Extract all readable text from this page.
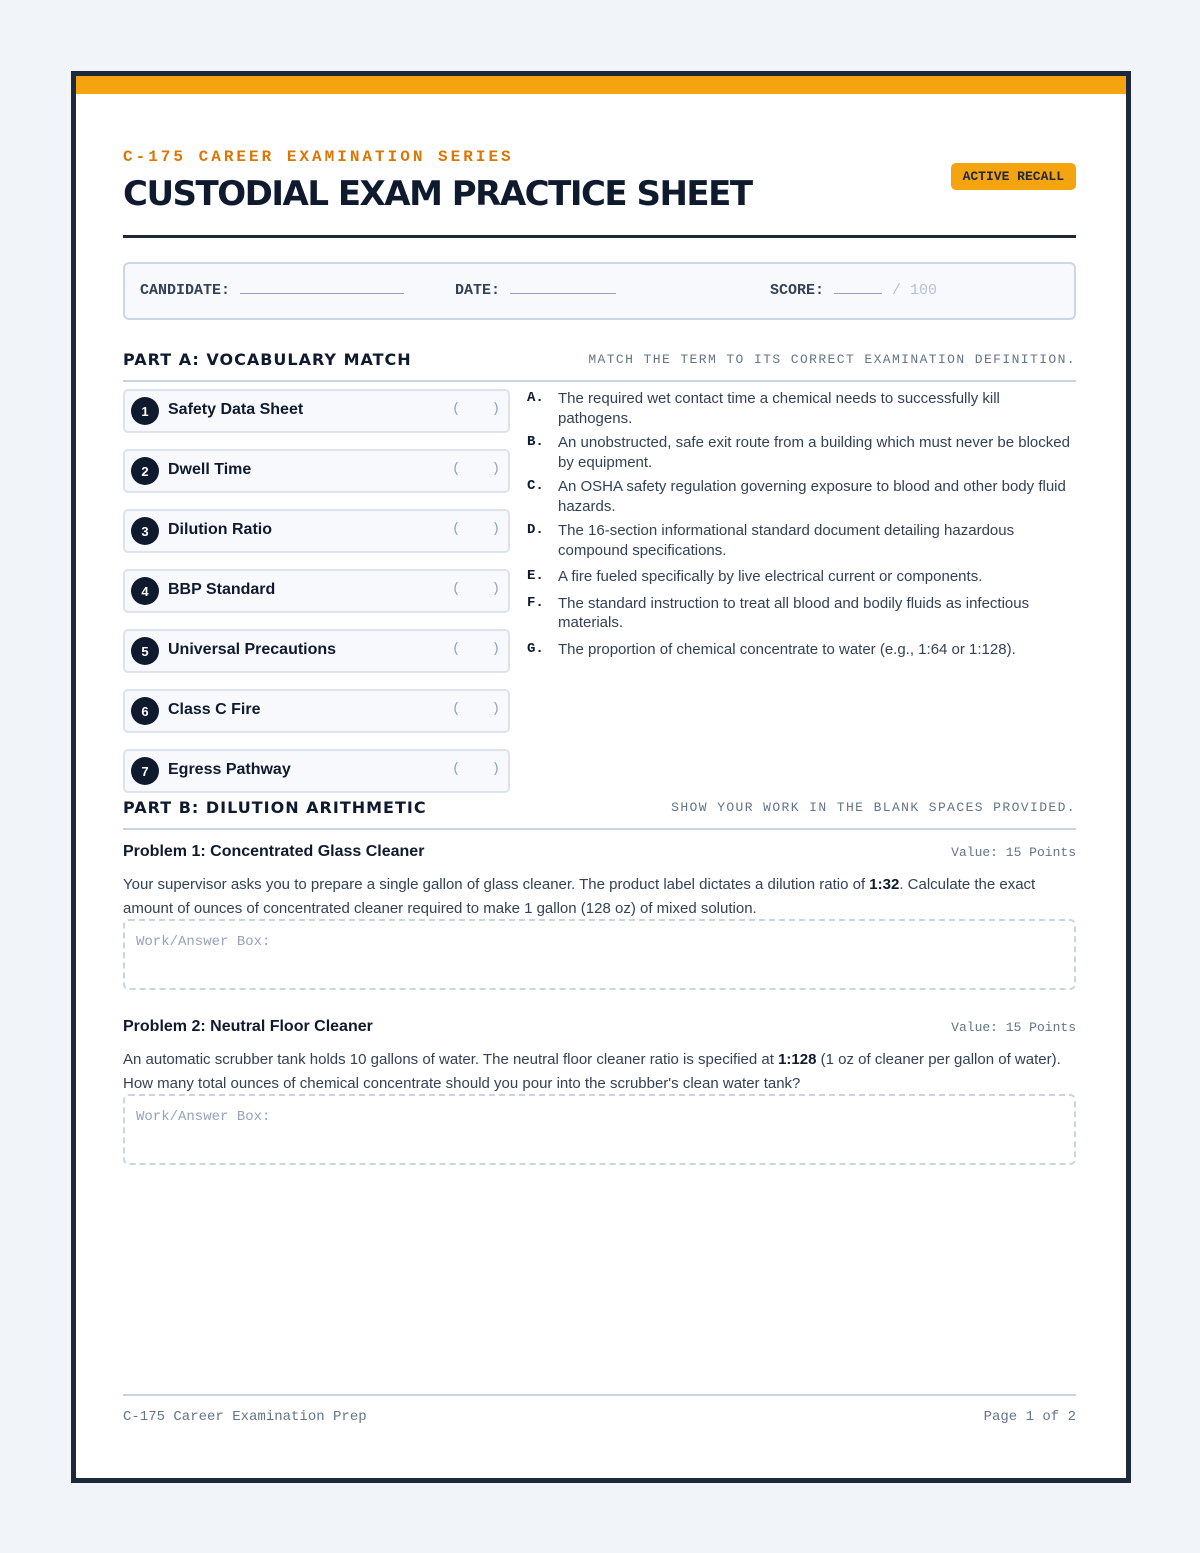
C-175 CAREER EXAMINATION SERIES
CUSTODIAL EXAM PRACTICE SHEET	ACTIVE RECALL
CANDIDATE:	DATE:	SCORE:	/ 100
PART A: VOCABULARY MATCH	MATCH THE TERM TO ITS CORRECT EXAMINATION DEFINITION.
1	Safety Data Sheet	( )
2	Dwell Time	( )
3	Dilution Ratio	( )
4	BBP Standard	( )
5	Universal Precautions	( )
6	Class C Fire	( )
7	Egress Pathway	( )
A. The required wet contact time a chemical needs to successfully kill pathogens.
B. An unobstructed, safe exit route from a building which must never be blocked by equipment.
C. An OSHA safety regulation governing exposure to blood and other body fluid hazards.
D. The 16-section informational standard document detailing hazardous compound specifications.
E. A fire fueled specifically by live electrical current or components.
F. The standard instruction to treat all blood and bodily fluids as infectious materials.
G. The proportion of chemical concentrate to water (e.g., 1:64 or 1:128).
PART B: DILUTION ARITHMETIC	SHOW YOUR WORK IN THE BLANK SPACES PROVIDED.
Problem 1: Concentrated Glass Cleaner	Value: 15 Points
Your supervisor asks you to prepare a single gallon of glass cleaner. The product label dictates a dilution ratio of 1:32. Calculate the exact amount of ounces of concentrated cleaner required to make 1 gallon (128 oz) of mixed solution.
Work/Answer Box:
Problem 2: Neutral Floor Cleaner	Value: 15 Points
An automatic scrubber tank holds 10 gallons of water. The neutral floor cleaner ratio is specified at 1:128 (1 oz of cleaner per gallon of water). How many total ounces of chemical concentrate should you pour into the scrubber's clean water tank?
Work/Answer Box:
C-175 Career Examination Prep	Page 1 of 2
